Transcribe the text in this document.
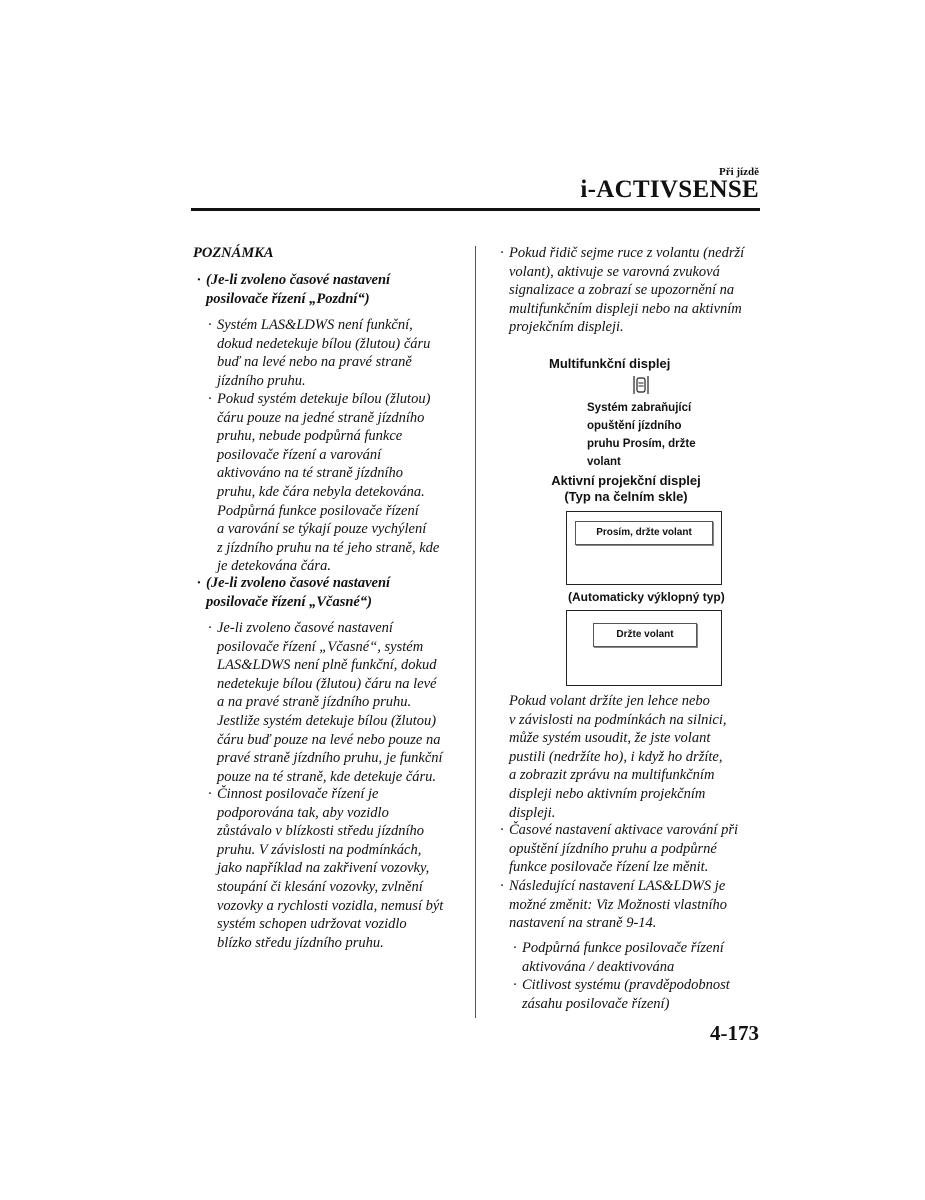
Při jízdě
i-ACTIVSENSE
POZNÁMKA
· (Je-li zvoleno časové nastavení
posilovače řízení „Pozdní“)
· Systém LAS&LDWS není funkční,
dokud nedetekuje bílou (žlutou) čáru
buď na levé nebo na pravé straně
jízdního pruhu.
· Pokud systém detekuje bílou (žlutou)
čáru pouze na jedné straně jízdního
pruhu, nebude podpůrná funkce
posilovače řízení a varování
aktivováno na té straně jízdního
pruhu, kde čára nebyla detekována.
Podpůrná funkce posilovače řízení
a varování se týkají pouze vychýlení
z jízdního pruhu na té jeho straně, kde
je detekována čára.
· (Je-li zvoleno časové nastavení
posilovače řízení „Včasné“)
· Je-li zvoleno časové nastavení
posilovače řízení „Včasné“, systém
LAS&LDWS není plně funkční, dokud
nedetekuje bílou (žlutou) čáru na levé
a na pravé straně jízdního pruhu.
Jestliže systém detekuje bílou (žlutou)
čáru buď pouze na levé nebo pouze na
pravé straně jízdního pruhu, je funkční
pouze na té straně, kde detekuje čáru.
· Činnost posilovače řízení je
podporována tak, aby vozidlo
zůstávalo v blízkosti středu jízdního
pruhu. V závislosti na podmínkách,
jako například na zakřivení vozovky,
stoupání či klesání vozovky, zvlnění
vozovky a rychlosti vozidla, nemusí být
systém schopen udržovat vozidlo
blízko středu jízdního pruhu.
· Pokud řidič sejme ruce z volantu (nedrží
volant), aktivuje se varovná zvuková
signalizace a zobrazí se upozornění na
multifunkčním displeji nebo na aktivním
projekčním displeji.
Multifunkční displej
Systém zabraňující
opuštění jízdního
pruhu Prosím, držte
volant
Aktivní projekční displej
(Typ na čelním skle)
Prosím, držte volant
(Automaticky výklopný typ)
Držte volant
Pokud volant držíte jen lehce nebo
v závislosti na podmínkách na silnici,
může systém usoudit, že jste volant
pustili (nedržíte ho), i když ho držíte,
a zobrazit zprávu na multifunkčním
displeji nebo aktivním projekčním
displeji.
· Časové nastavení aktivace varování při
opuštění jízdního pruhu a podpůrné
funkce posilovače řízení lze měnit.
· Následující nastavení LAS&LDWS je
možné změnit: Viz Možnosti vlastního
nastavení na straně 9-14.
· Podpůrná funkce posilovače řízení
aktivována / deaktivována
· Citlivost systému (pravděpodobnost
zásahu posilovače řízení)
4-173
